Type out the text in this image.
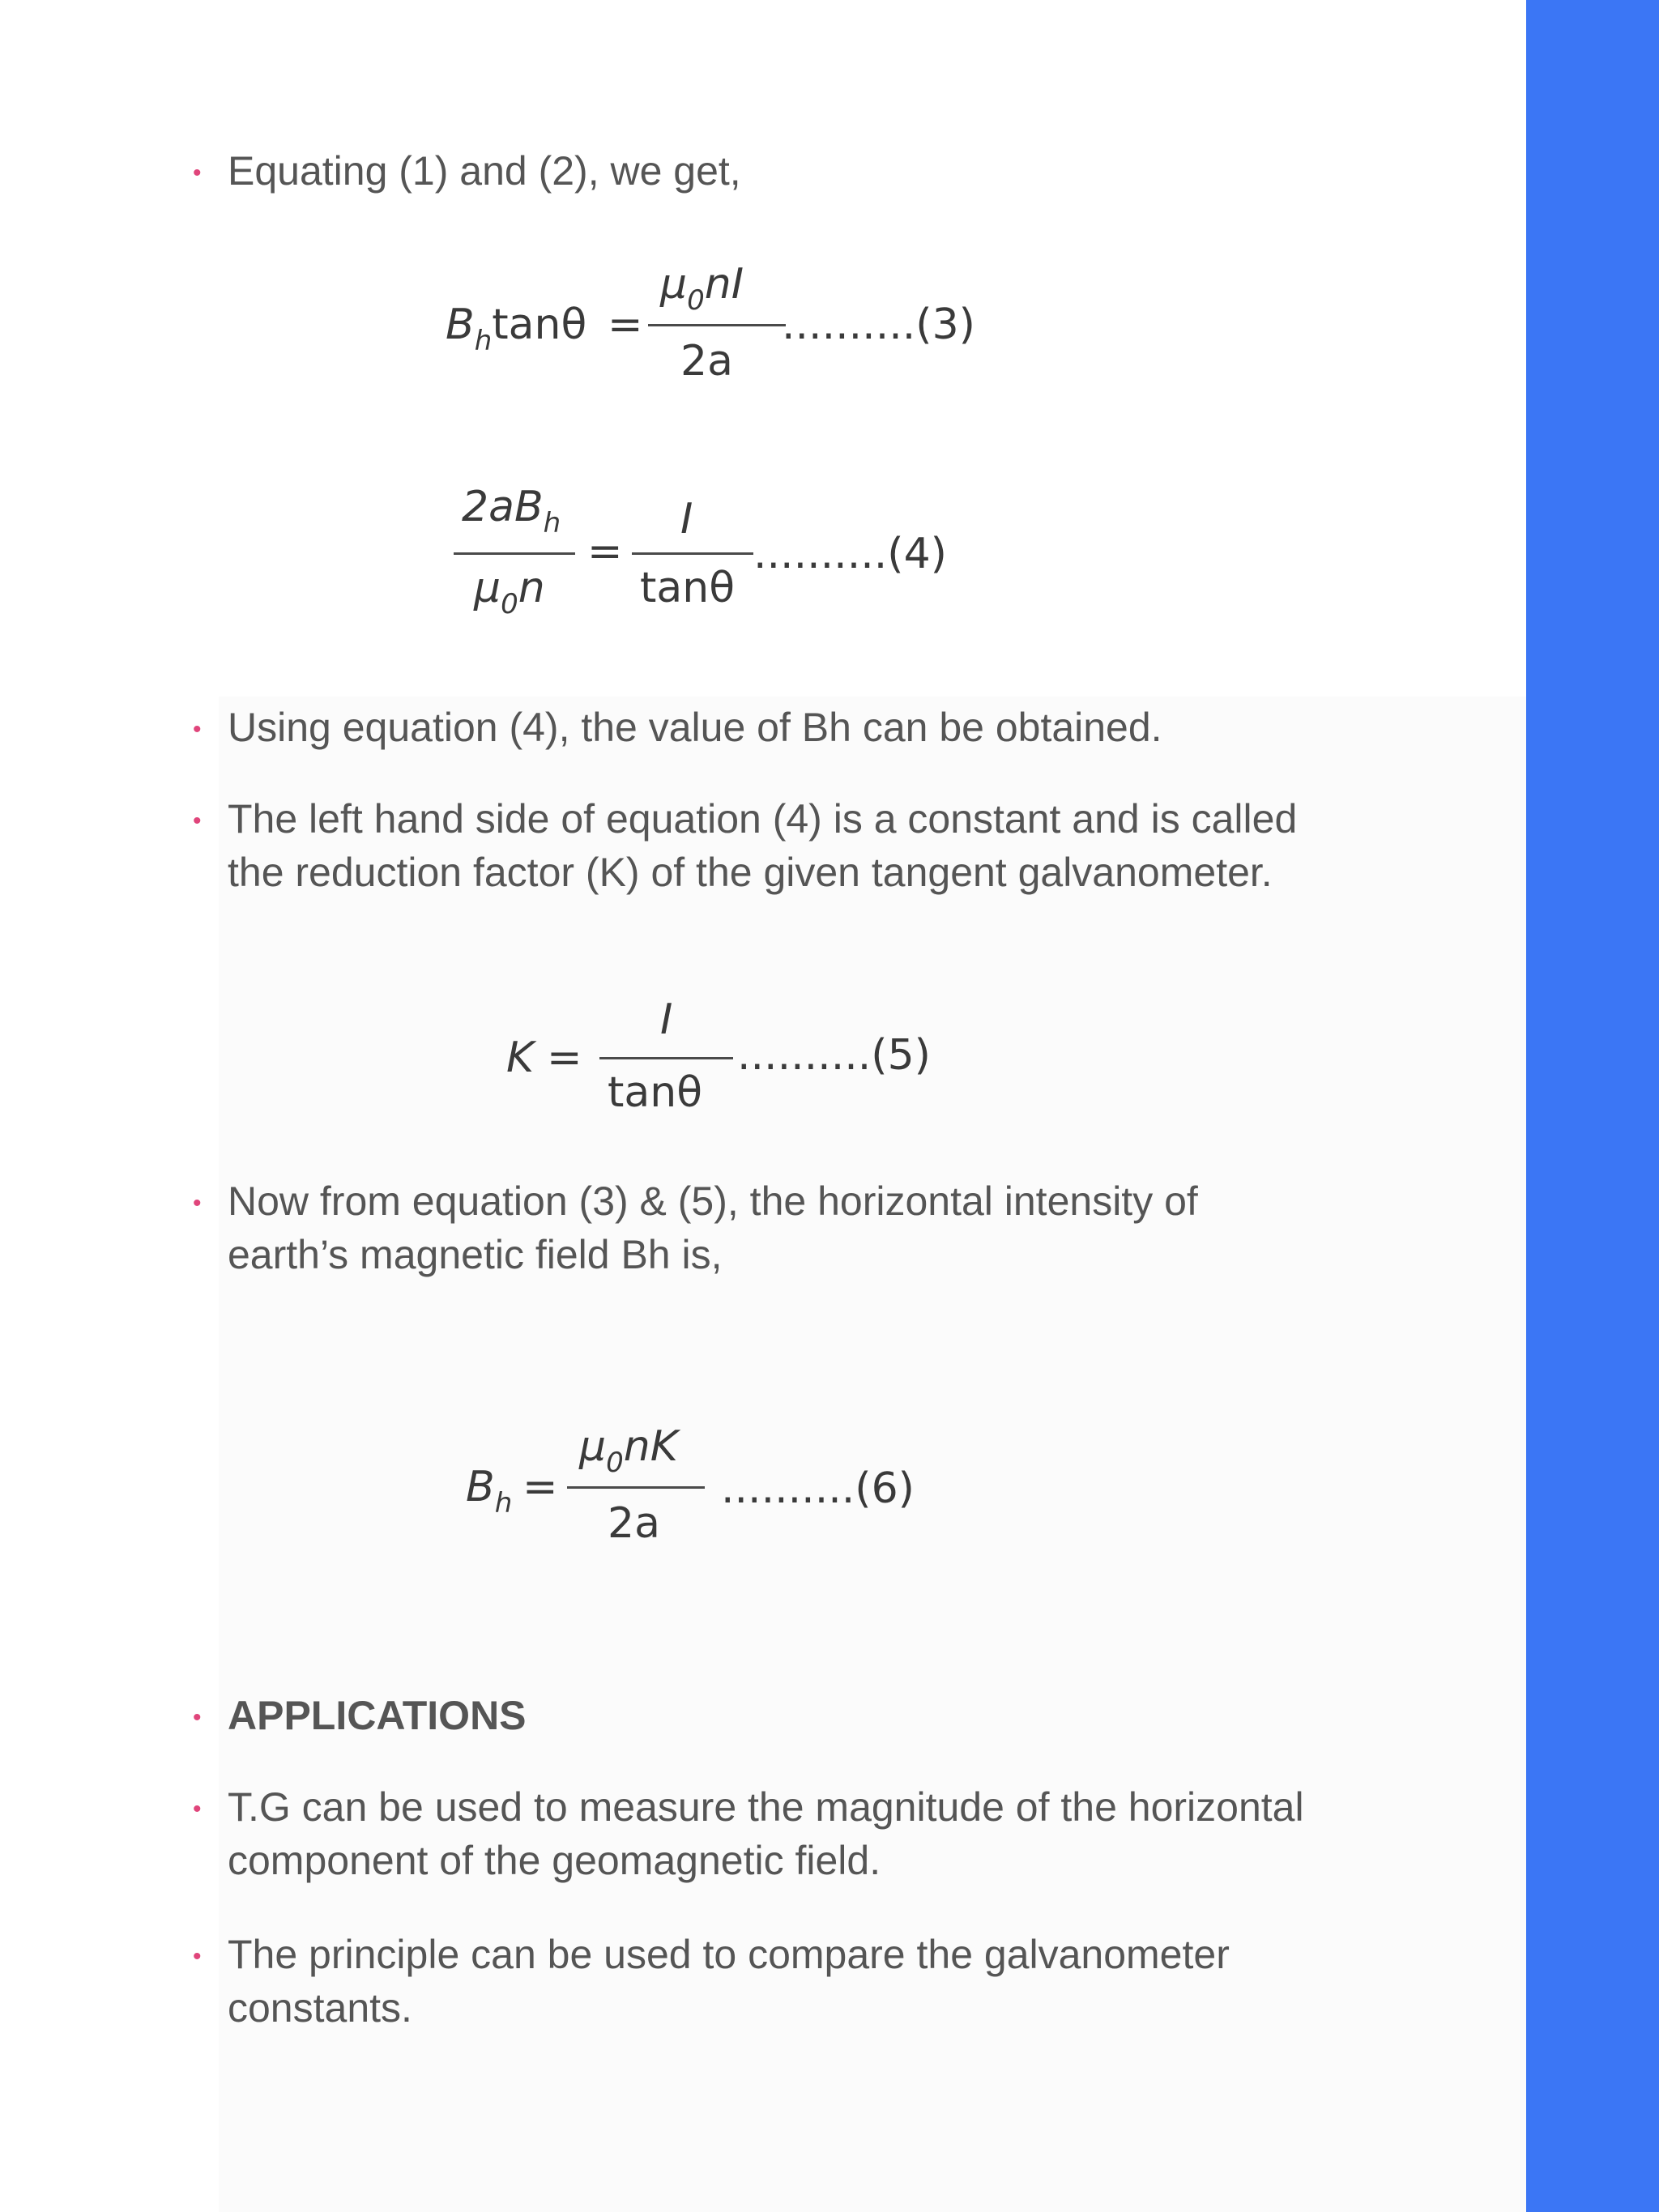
• Equating (1) and (2), we get,
$B_h\tan\theta$ =
$\mu_0nI$
2a
..........(3)
$2aB_h$
$\mu_0n$
=
I
tanθ
..........(4)
• Using equation (4), the value of Bh can be obtained.
• The left hand side of equation (4) is a constant and is called the reduction factor (K) of the given tangent galvanometer.
K =
I
tanθ
..........(5)
• Now from equation (3) & (5), the horizontal intensity of earth’s magnetic field Bh is,
$B_h$ =
$\mu_0nK$
2a
..........(6)
• APPLICATIONS
• T.G can be used to measure the magnitude of the horizontal component of the geomagnetic field.
• The principle can be used to compare the galvanometer constants.
